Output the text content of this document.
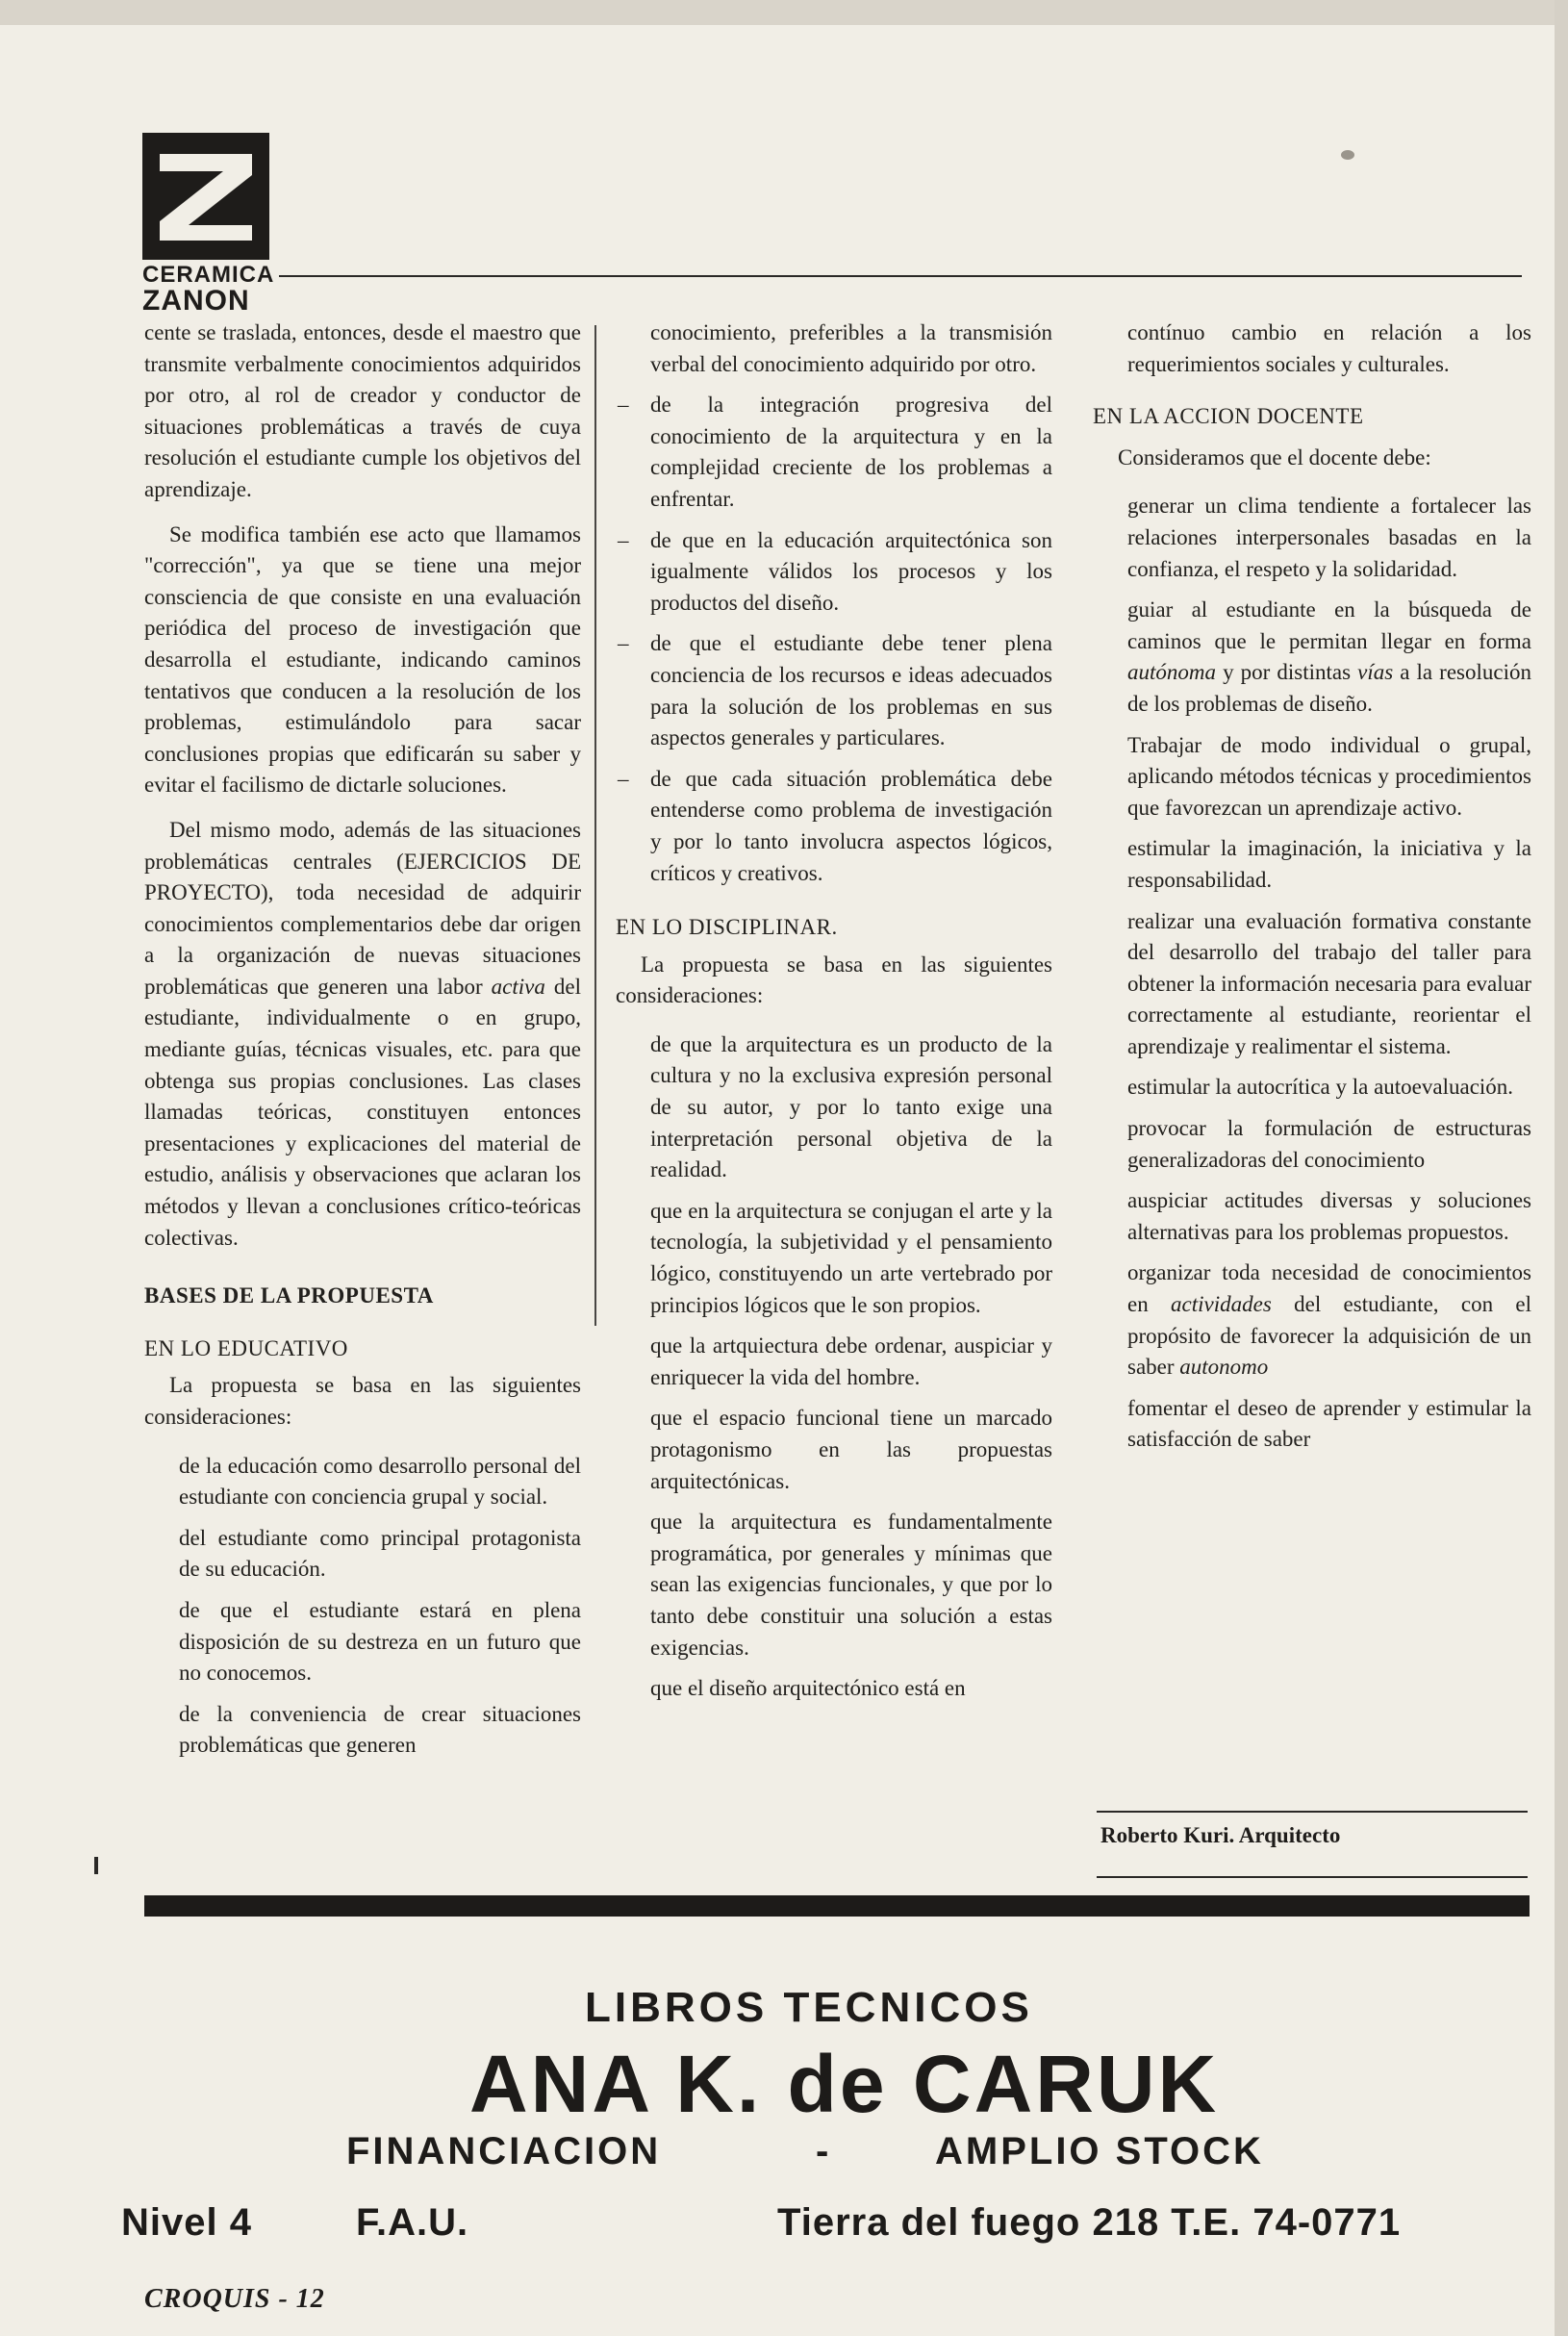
CERAMICA
ZANON

cente se traslada, entonces, desde el maestro que transmite verbalmente conocimientos adquiridos por otro, al rol de creador y conductor de situaciones problemáticas a través de cuya resolución el estudiante cumple los objetivos del aprendizaje.

Se modifica también ese acto que llamamos "corrección", ya que se tiene una mejor consciencia de que consiste en una evaluación periódica del proceso de investigación que desarrolla el estudiante, indicando caminos tentativos que conducen a la resolución de los problemas, estimulándolo para sacar conclusiones propias que edificarán su saber y evitar el facilismo de dictarle soluciones.

Del mismo modo, además de las situaciones problemáticas centrales (EJERCICIOS DE PROYECTO), toda necesidad de adquirir conocimientos complementarios debe dar origen a la organización de nuevas situaciones problemáticas que generen una labor activa del estudiante, individualmente o en grupo, mediante guías, técnicas visuales, etc. para que obtenga sus propias conclusiones. Las clases llamadas teóricas, constituyen entonces presentaciones y explicaciones del material de estudio, análisis y observaciones que aclaran los métodos y llevan a conclusiones crítico-teóricas colectivas.

BASES DE LA PROPUESTA

EN LO EDUCATIVO

La propuesta se basa en las siguientes consideraciones:

de la educación como desarrollo personal del estudiante con conciencia grupal y social.

del estudiante como principal protagonista de su educación.

de que el estudiante estará en plena disposición de su destreza en un futuro que no conocemos.

de la conveniencia de crear situaciones problemáticas que generen

conocimiento, preferibles a la transmisión verbal del conocimiento adquirido por otro.

– de la integración progresiva del conocimiento de la arquitectura y en la complejidad creciente de los problemas a enfrentar.

– de que en la educación arquitectónica son igualmente válidos los procesos y los productos del diseño.

– de que el estudiante debe tener plena conciencia de los recursos e ideas adecuados para la solución de los problemas en sus aspectos generales y particulares.

– de que cada situación problemática debe entenderse como problema de investigación y por lo tanto involucra aspectos lógicos, críticos y creativos.

EN LO DISCIPLINAR.

La propuesta se basa en las siguientes consideraciones:

de que la arquitectura es un producto de la cultura y no la exclusiva expresión personal de su autor, y por lo tanto exige una interpretación personal objetiva de la realidad.

que en la arquitectura se conjugan el arte y la tecnología, la subjetividad y el pensamiento lógico, constituyendo un arte vertebrado por principios lógicos que le son propios.

que la artquiectura debe ordenar, auspiciar y enriquecer la vida del hombre.

que el espacio funcional tiene un marcado protagonismo en las propuestas arquitectónicas.

que la arquitectura es fundamentalmente programática, por generales y mínimas que sean las exigencias funcionales, y que por lo tanto debe constituir una solución a estas exigencias.

que el diseño arquitectónico está en

contínuo cambio en relación a los requerimientos sociales y culturales.

EN LA ACCION DOCENTE

Consideramos que el docente debe:

generar un clima tendiente a fortalecer las relaciones interpersonales basadas en la confianza, el respeto y la solidaridad.

guiar al estudiante en la búsqueda de caminos que le permitan llegar en forma autónoma y por distintas vías a la resolución de los problemas de diseño.

Trabajar de modo individual o grupal, aplicando métodos técnicas y procedimientos que favorezcan un aprendizaje activo.

estimular la imaginación, la iniciativa y la responsabilidad.

realizar una evaluación formativa constante del desarrollo del trabajo del taller para obtener la información necesaria para evaluar correctamente al estudiante, reorientar el aprendizaje y realimentar el sistema.

estimular la autocrítica y la autoevaluación.

provocar la formulación de estructuras generalizadoras del conocimiento

auspiciar actitudes diversas y soluciones alternativas para los problemas propuestos.

organizar toda necesidad de conocimientos en actividades del estudiante, con el propósito de favorecer la adquisición de un saber autonomo

fomentar el deseo de aprender y estimular la satisfacción de saber

Roberto Kuri. Arquitecto
LIBROS TECNICOS
ANA K. de CARUK
FINANCIACION	-	AMPLIO STOCK
Nivel 4	F.A.U.	Tierra del fuego 218 T.E. 74-0771
CROQUIS - 12
